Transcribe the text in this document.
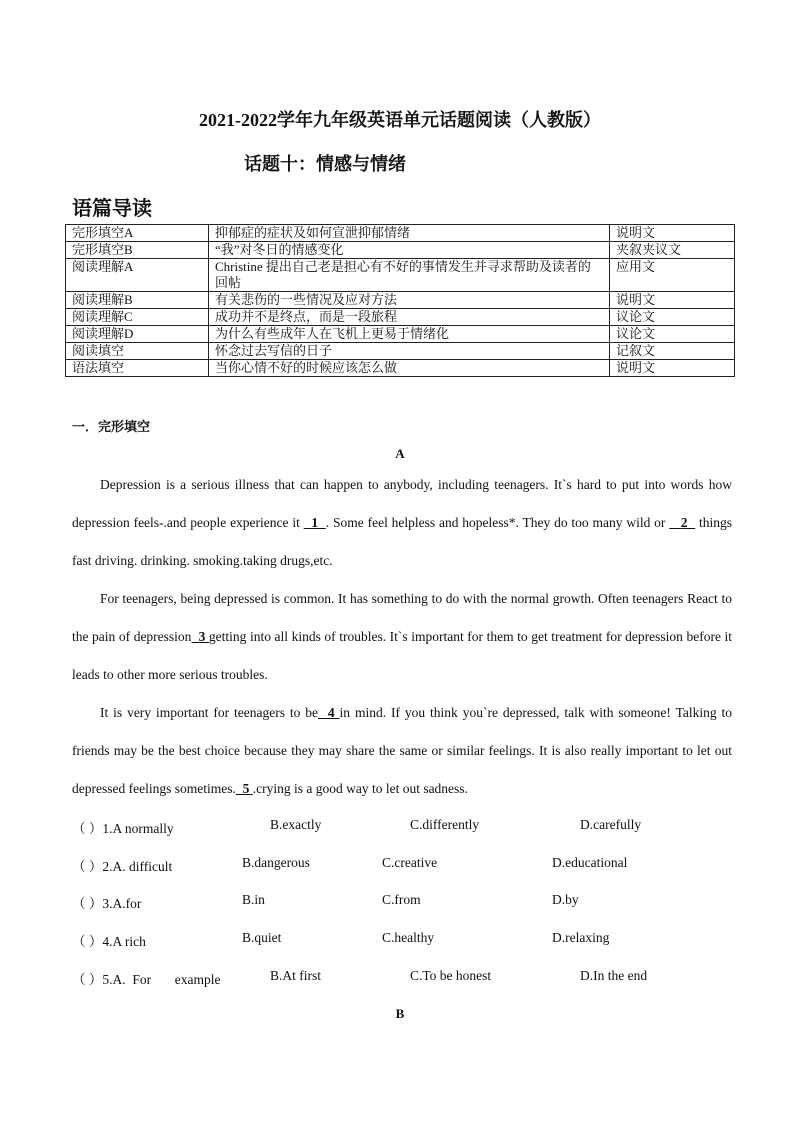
2021-2022学年九年级英语单元话题阅读（人教版）
话题十：情感与情绪
语篇导读
完形填空A	抑郁症的症状及如何宣泄抑郁情绪	说明文
完形填空B	“我”对冬日的情感变化	夹叙夹议文
阅读理解A	Christine 提出自己老是担心有不好的事情发生并寻求帮助及读者的回帖	应用文
阅读理解B	有关悲伤的一些情况及应对方法	说明文
阅读理解C	成功并不是终点，而是一段旅程	议论文
阅读理解D	为什么有些成年人在飞机上更易于情绪化	议论文
阅读填空	怀念过去写信的日子	记叙文
语法填空	当你心情不好的时候应该怎么做	说明文
一．完形填空
A

Depression is a serious illness that can happen to anybody, including teenagers. It`s hard to put into words how depression feels-.and people experience it   1 . Some feel helpless and hopeless*. They do too many wild or    2   things fast driving. drinking. smoking.taking drugs,etc.

For teenagers, being depressed is common. It has something to do with the normal growth. Often teenagers React to the pain of depression 3 getting into all kinds of troubles. It`s important for them to get treatment for depression before it leads to other more serious troubles.

It is very important for teenagers to be 4 in mind. If you think you`re depressed, talk with someone! Talking to friends may be the best choice because they may share the same or similar feelings. It is also really important to let out depressed feelings sometimes. 5 .crying is a good way to let out sadness.

（ ）1.A normally	B.exactly	C.differently	D.carefully
（ ）2.A. difficult	B.dangerous	C.creative	D.educational
（ ）3.A.for	B.in	C.from	D.by
（ ）4.A rich	B.quiet	C.healthy	D.relaxing
（ ）5.A.  For       example	B.At first	C.To be honest	D.In the end
B
